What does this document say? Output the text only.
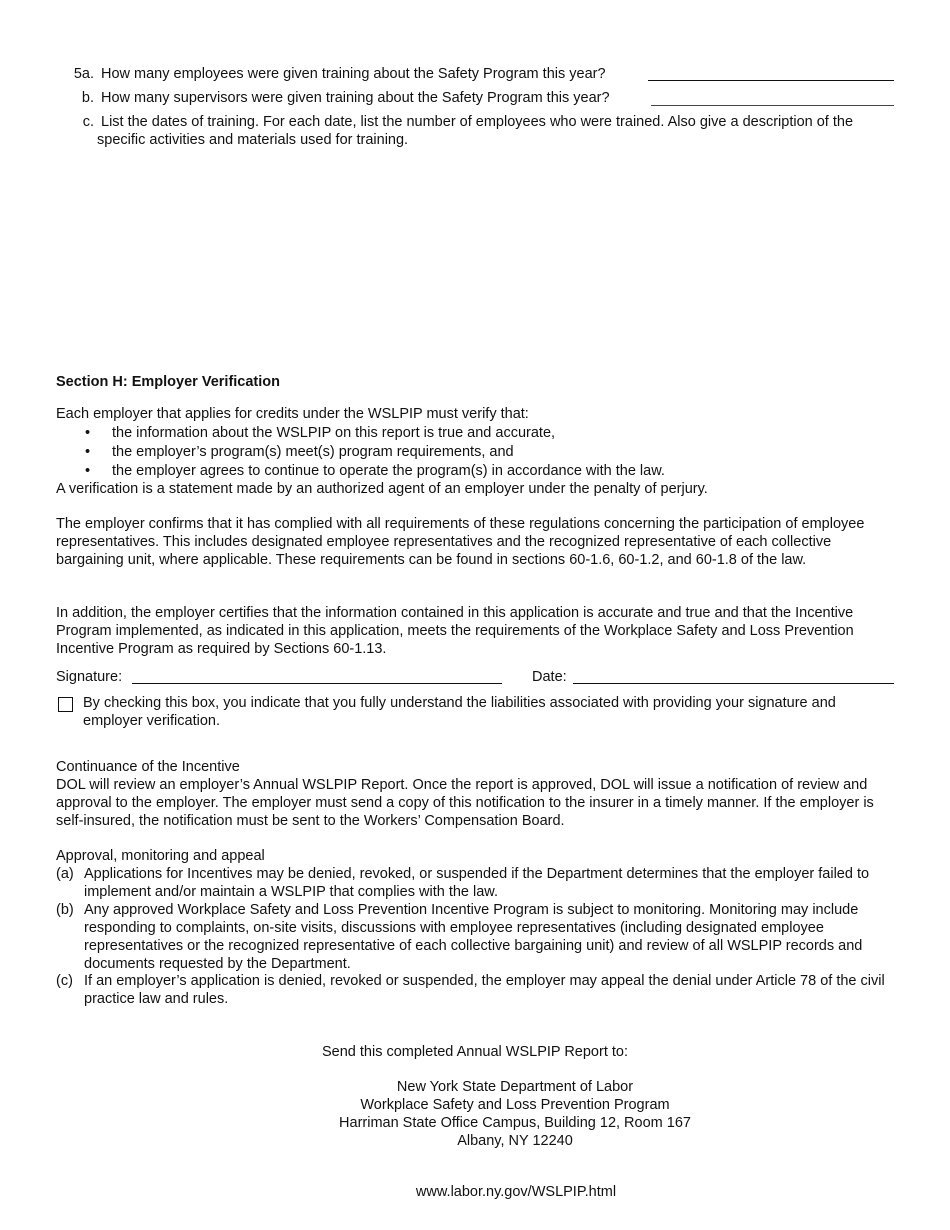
5a. How many employees were given training about the Safety Program this year?
b. How many supervisors were given training about the Safety Program this year?
c. List the dates of training. For each date, list the number of employees who were trained. Also give a description of the specific activities and materials used for training.
Section H: Employer Verification
Each employer that applies for credits under the WSLPIP must verify that:
• the information about the WSLPIP on this report is true and accurate,
• the employer’s program(s) meet(s) program requirements, and
• the employer agrees to continue to operate the program(s) in accordance with the law.
A verification is a statement made by an authorized agent of an employer under the penalty of perjury.
The employer confirms that it has complied with all requirements of these regulations concerning the participation of employee representatives. This includes designated employee representatives and the recognized representative of each collective bargaining unit, where applicable. These requirements can be found in sections 60-1.6, 60-1.2, and 60-1.8 of the law.
In addition, the employer certifies that the information contained in this application is accurate and true and that the Incentive Program implemented, as indicated in this application, meets the requirements of the Workplace Safety and Loss Prevention Incentive Program as required by Sections 60-1.13.
Signature:	Date:
By checking this box, you indicate that you fully understand the liabilities associated with providing your signature and employer verification.
Continuance of the Incentive
DOL will review an employer’s Annual WSLPIP Report. Once the report is approved, DOL will issue a notification of review and approval to the employer. The employer must send a copy of this notification to the insurer in a timely manner. If the employer is self-insured, the notification must be sent to the Workers’ Compensation Board.
Approval, monitoring and appeal
(a) Applications for Incentives may be denied, revoked, or suspended if the Department determines that the employer failed to implement and/or maintain a WSLPIP that complies with the law.
(b) Any approved Workplace Safety and Loss Prevention Incentive Program is subject to monitoring. Monitoring may include responding to complaints, on-site visits, discussions with employee representatives (including designated employee representatives or the recognized representative of each collective bargaining unit) and review of all WSLPIP records and documents requested by the Department.
(c) If an employer’s application is denied, revoked or suspended, the employer may appeal the denial under Article 78 of the civil practice law and rules.
Send this completed Annual WSLPIP Report to:
New York State Department of Labor
Workplace Safety and Loss Prevention Program
Harriman State Office Campus, Building 12, Room 167
Albany, NY 12240
www.labor.ny.gov/WSLPIP.html
